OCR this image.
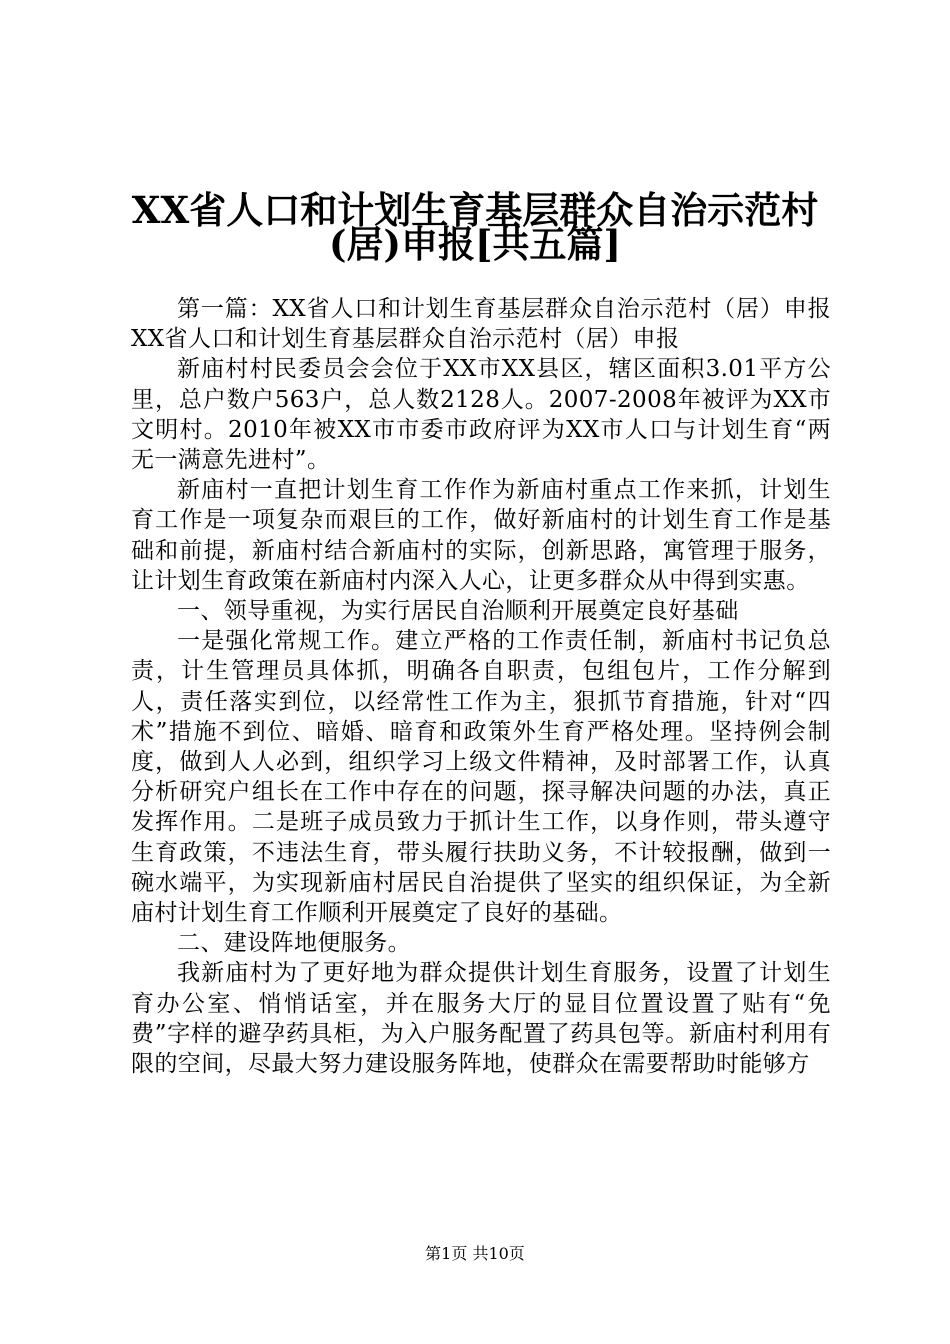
XX省人口和计划生育基层群众自治示范村
(居)申报[共五篇]

第一篇：XX省人口和计划生育基层群众自治示范村（居）申报XX省人口和计划生育基层群众自治示范村（居）申报

新庙村村民委员会会位于XX市XX县区，辖区面积3.01平方公里，总户数户563户，总人数2128人。2007-2008年被评为XX市文明村。2010年被XX市市委市政府评为XX市人口与计划生育“两无一满意先进村”。

新庙村一直把计划生育工作作为新庙村重点工作来抓，计划生育工作是一项复杂而艰巨的工作，做好新庙村的计划生育工作是基础和前提，新庙村结合新庙村的实际，创新思路，寓管理于服务，让计划生育政策在新庙村内深入人心，让更多群众从中得到实惠。

一、领导重视，为实行居民自治顺利开展奠定良好基础

一是强化常规工作。建立严格的工作责任制，新庙村书记负总责，计生管理员具体抓，明确各自职责，包组包片，工作分解到人，责任落实到位，以经常性工作为主，狠抓节育措施，针对“四术”措施不到位、暗婚、暗育和政策外生育严格处理。坚持例会制度，做到人人必到，组织学习上级文件精神，及时部署工作，认真分析研究户组长在工作中存在的问题，探寻解决问题的办法，真正发挥作用。二是班子成员致力于抓计生工作，以身作则，带头遵守生育政策，不违法生育，带头履行扶助义务，不计较报酬，做到一碗水端平，为实现新庙村居民自治提供了坚实的组织保证，为全新庙村计划生育工作顺利开展奠定了良好的基础。

二、建设阵地便服务。

我新庙村为了更好地为群众提供计划生育服务，设置了计划生育办公室、悄悄话室，并在服务大厅的显目位置设置了贴有“免费”字样的避孕药具柜，为入户服务配置了药具包等。新庙村利用有限的空间，尽最大努力建设服务阵地，使群众在需要帮助时能够方

第1页 共10页
